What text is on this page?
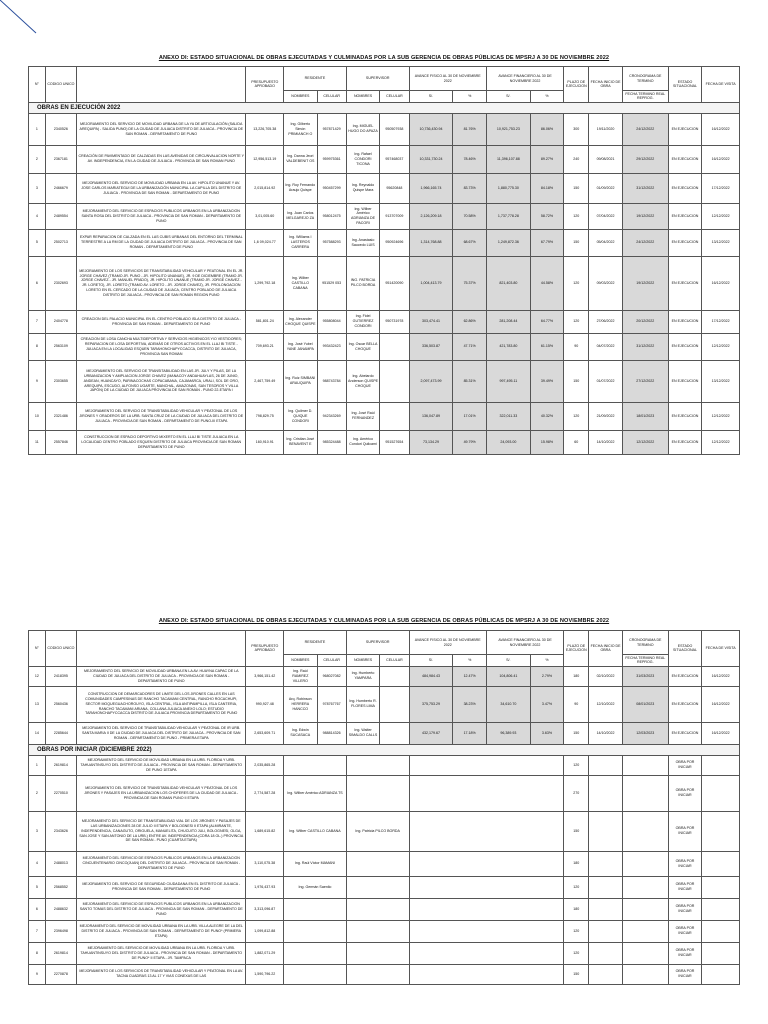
ANEXO DI: ESTADO SITUACIONAL DE OBRAS EJECUTADAS Y CULMINADAS POR LA SUB GERENCIA DE OBRAS PÚBLICAS DE MPSRJ A 30 DE NOVIEMBRE 2022
N°	CODIGO UNICO		PRESUPUESTO APROBADO	RESIDENTE		SUPERVISOR		AVANCE FISICO AL 30 DE NOVIEMBRE 2022		AVANCE FINANCIERO AL 30 DE NOVIEMBRE 2022		PLAZO DE EJECUCION	FECHA INICIO DE OBRA	CRONOGRAMA DE TERMINO	ESTADO SITUACIONAL	FECHA DE VISITA
				NOMBRES	CELULAR	NOMBRES	CELULAR	S/.	%	S/.	%			FECHA TERMINO REAL REPROG.		
OBRAS EN EJECUCIÓN 2022																
1	2340526	MEJORAMIENTO DEL SERVICIO DE MOVILIDAD URBANA DE LA YA DE ARTICULACIÓN (SALIDA AREQUIPA) - SALIDA PUNO) DE LA CIUDAD DE JULIACA DISTRITO DE JULIACA - PROVINCIA DE SAN ROMAN - DEPARTAMENTO DE PUNO	13,226,705.38	Ing. Gilberto Simón PRIMIANCH O	957871429	Ing. MIGUEL HUGO DO APAZA	950507938	10,736,430.94	81.76%	10,921,753.23	86.06%	300	19/11/2020	24/12/2022	EN EJECUCION	16/12/2022
2	2367181	CREACIÓN DE PAVIMENTADO DE CALZADAS EN LAS AVENIDAS DE CIRCUNVALACION NORTE Y AV. INDEPENDENCIA, EN LA CIUDAD DE JULIACA - PROVINCIA DE SAN ROMAN PUNO	12,956,513.19	Ing. Danna Jeori VALDEBENIT OS	959975361	Ing. Rafael CONDORI TICONA	957468037	10,331,730.24	78.46%	11,396,107.88	89.27%	240	09/08/2021	29/12/2022	EN EJECUCION	16/12/2022
3	2466679	MEJORAMIENTO DEL SERVICIO DE MOVILIDAD URBANA EN LA AV. HIPOLITO UNANUE Y AV. JOSE CARLOS MARIATEGUI DE LA URBANIZACIÓN MUNICIPAL LA CAPILLA DEL DISTRITO DE JULIACA - PROVINCIA DE SAN ROMAN - DEPARTAMENTO DE PUNO	2,015,814.92	Ing. Roy Fernando Araujo Quispe	950457299	Ing. Reynaldo Quispe Mara	95620848	1,966,165.74	83.73%	1,880,775.30	84.18%	150	01/09/2022	31/12/2022	EN EJECUCION	17/12/2022
4	2489554	MEJORAMIENTO DEL SERVICIO DE ESPACIOS PUBLICOS URBANOS EN LA URBANIZACION SANTA ROSA DEL DISTRITO DE JULIACA - PROVINCIA DE SAN ROMAN - DEPARTAMENTO DE PUNO	3,01,005.60	Ing. Juan Carlos MELGAREJO ZA	958012475	Ing. Wilber Américo ADRIANZA DE PACORI	913707009	2,126,209.18	70.58%	1,737,778.28	58.72%	120	07/04/2022	19/12/2022	EN EJECUCION	12/12/2022
5	2502713	EXPAR REPARACION DE CALZADA EN EL LAS CUBIS URBANAS DEL ENTORNO DEL TERMINAL TERRESTRE A LA RM DE LA CIUDAD DE JULIACA DISTRITO DE JULIACA - PROVINCIA DE SAN ROMAN - DEPARTAMENTO DE PUNO	1,6 09,024.77	Ing. Williams I LASTEROS CARRERA	957588293	Ing. Anastasio Saucedo LUIS	950924696	1,314,768.88	68.67%	1,249,872.36	67.79%	150	05/04/2022	24/12/2022	EN EJECUCION	13/12/2022
6	2302693	MEJORAMIENTO DE LOS SERVICIOS DE TRANSITABILIDAD VEHICULAR Y PEATONAL EN EL JR. JORGE CHAVEZ (TRAMO JR. PUNO - JR. HIPOLITO UNANUE), JR. 9 DE DICIEMBRE (TRAMO JR. JORGE CHAVEZ - JR. MANUEL PRADO), JR. HIPOLITO UNANUE (TRAMO JR. JORGE CHAVEZ - JR. LORETO), JR. LORETO (TRAMO AV. LORETO - JR. JORGE CHAVEZ), JR. PROLONGACION LORETO EN EL CERCADO DE LA CIUDAD DE JULIACA, CENTRO POBLADO DE JULIACA DISTRITO DE JULIACA - PROVINCIA DE SAN ROMAN REGION PUNO	1,299,792.18	Ing. Wilber CASTILLO CABANA	951529 053	ING. PATRICIA PILCO BORDA	951420090	1,004,413.79	75.37%	821,403.80	44.58%	120	09/03/2022	19/12/2022	EN EJECUCION	16/12/2022
7	2404778	CREACION DEL PALACIO MUNICIPAL EN EL CENTRO POBLADO ISLA DISTRITO DE JULIACA - PROVINCIA DE SAN ROMAN - DEPARTAMENTO DE PUNO	581,801.24	Ing. Alexander CHOQUE QUISPE	955808044	Ing. Fidel GUTIERREZ CONDORI	950731978	303,474.41	62.86%	281,208.44	64.77%	120	27/06/2022	20/12/2022	EN EJECUCION	17/12/2022
8	2563109	CREACION DE LOSA CANCHA MULTIDEPORTIVA Y SERVICIOS HIGIENICOS Y/O VESTIDORES; REPARACION DE LOSA DEPORTIVA, ADEMÁS DE OTROS ACTIVOS EN EL LLAJ BI TISTE - JULIACA EN LA LOCALIDAD ESQUEN TARAHONCHAPYCCACCA, DISTRITO DE JULIACA, PROVINCIA SAN ROMAN	709,693.21	Ing. José Yubel YANE JANAMPA	993432423	Ing. Oscar BELLA CHOQUE		336,503.87	47.71%	421,783.80	61.15%	90	04/07/2022	31/12/2022	EN EJECUCION	12/12/2022
9	2303655	MEJORAMIENTO DEL SERVICIO DE TRANSITABILIDAD EN LAS JR. JULY Y PILAS, DE LA URBANIZACION Y AMPLIACION JORGE CHAVEZ (MANACOY ANDAHUAYLAS, 26 DE JUNIO, ANDEAN, HUANCAYO, PARINACOCHAS COPACABANA, CAJAMARCA, URALI, SOL DE ORO, AREQUIPA, ESCUDO, ALFONSO UGARTE, MANCHAL, AMAZONAS, SAN TESOROS Y VILLA JAPÓN) DE LA CIUDAD DE JULIACA PROVINCIA DE SAN ROMAN - PUNO 22-ETAPA I	2,467,759.49	Ing. Ruiz SIMBANI ARAUQUIPA	988743784	Ing. Abelardo Anderson QUISPE CHOQUE		2,097,473.99	85.31%	997,495.11	39.49%	150	01/07/2022	27/12/2022	EN EJECUCION	13/12/2022
10	2321486	MEJORAMIENTO DEL SERVICIO DE TRANSITABILIDAD VEHICULAR Y PEATONAL DE LOS JIRONES Y ORADEROS DE LA URB. SANTA CRUZ DE LA CIUDAD DE JULIACA DEL DISTRITO DE JULIACA - PROVINCIA DE SAN ROMAN - DEPARTAMENTO DE PUNO-III ETAPA	798,829.75	Ing. Quilmer D. QUIQUE CONDORI	942343269	Ing. José Raúl FERNANDEZ		136,047.89	17.01%	322,011.33	40.32%	120	21/09/2022	18/01/2023	EN EJECUCION	12/12/2022
11	2557846	CONSTRUCCION DE ESPACIO DEPORTIVO MIXERTO EN EL LLAJ BI TISTE JULIACA EN LA LOCALIDAD CENTRO POBLADO ESQUEN DISTRITO DE JULIACA PROVINCIA DE SAN ROMAN DEPARTAMENTO DE PUNO	160,910.91	Ing. Cristian José BENAVENT E	985324488	Ing. Américo Condori Quilcami	951527654	73,134.29	49.79%	24,093.00	15.98%	60	14/10/2022	12/12/2022	EN EJECUCION	12/12/2022
ANEXO DI: ESTADO SITUACIONAL DE OBRAS EJECUTADAS Y CULMINADAS POR LA SUB GERENCIA DE OBRAS PÚBLICAS DE MPSRJ A 30 DE NOVIEMBRE 2022
N°	CODIGO UNICO		PRESUPUESTO APROBADO	RESIDENTE		SUPERVISOR		AVANCE FISICO AL 30 DE NOVIEMBRE 2022		AVANCE FINANCIERO AL 30 DE NOVIEMBRE 2022		PLAZO DE EJECUCION	FECHA INICIO DE OBRA	CRONOGRAMA DE TERMINO	ESTADO SITUACIONAL	FECHA DE VISITA
				NOMBRES	CELULAR	NOMBRES	CELULAR	S/.	%	S/.	%			FECHA TERMINO REAL REPROG.		
12	2418395	MEJORAMIENTO DEL SERVICIO DE MOVILIDAD URBANA EN LA AV. HUAYNA CAPAC DE LA CIUDAD DE JULIACA DEL DISTRITO DE JULIACA - PROVINCIA DE SAN ROMAN - DEPARTAMENTO DE PUNO	3,966,151.42	Ing. Raúl RAMIREZ VILLERO	968027082	Ing. Humberto YAMPARA		484,984.43	12.47%	104,806.41	2.79%	180	02/10/2022	31/03/2023	EN EJECUCION	16/12/2022
13	2560436	CONSTRUCCION DE DEMARCADORES DE LIMITE DEL LOS JIRONES CALLES EN LAS COMUNIDADES CAMPESINAS DE RANCHO TACAMANI CENTRAL, RANCHO ROCACHUPI, SECTOR MOQUEGUACHOROUYO, ISLA CENTRAL, ISLA ANTIPAMPILLA, ISLA CANTERIA, RANCHO TACAMANI ARIANA, COLLANA JULIACA ANEXO LOLO; ESTUDIO TARAHONCHAPYCCACCA DISTRITO DE JULIACA PROVINCIA DEPARTAMENTO DE PUNO	990,927.48	Arq. Robinson HERRERA HANCCO	978767767	Ing. Humberto R. FLORES LIMA		375,753.29	38.23%	34,610.70	3.47%	90	12/10/2022	08/01/2023	EN EJECUCION	16/12/2022
14	2285644	MEJORAMIENTO DEL SERVICIO DE TRANSITABILIDAD VEHICULAR Y PEATONAL DE IR URB. SANTA MARIA II DE LA CIUDAD DE JULIACA DEL DISTRITO DE JULIACA - PROVINCIA DE SAN ROMAN - DEPARTAMENTO DE PUNO - PRIMERA ETAPA	2,653,609.71	Ing. Edwin SUCASACA	988814326	Ing. Walter SIMALDO CALLS		432,179.67	17.18%	96,389.93	3.63%	150	14/10/2022	12/03/2023	EN EJECUCION	16/12/2022
OBRAS POR INICIAR (DICIEMBRE 2022)																
1	2619814	MEJORAMIENTO DEL SERVICIO DE MOVILIDAD URBANA EN LA URB. FLORIDA Y URB. TAHUANTINSUYO DEL DISTRITO DE JULIACA - PROVINCIA DE SAN ROMAN - DEPARTAMENTO DE PUNO 1ETAPA	2,035,865.28									120			OBRA POR INICIAR	
2	2270510	MEJORAMIENTO DEL SERVICIO DE TRANSITABILIDAD VEHICULAR Y PEATONAL DE LOS JIRONES Y PASAJES EN LA URBANIZACION LOS CHOFERES DE LA CIUDAD DE JULIACA - PROVINCIA DE SAN ROMAN PUNO II ETAPA	2,774,587.28	Ing. Wilber Américo ADRIANZA TS								270			OBRA POR INICIAR	
3	2343626	MEJORAMIENTO DEL SERVICIO DE TRANSITABILIDAD VIAL DE LOS JIRONES Y PASAJES DE LAS URBANIZACIONES 28 DE JULIO II ETAPA Y BOLOGNESI II ETAPA (ALMIRANTE, INDEPENDENCIA, CANAGUTO, ORIGUELA, MANUELITA, CHUCUITO JULI, BOLOGNESI, OLGA, SAN JOSE Y SAN ANTONIO DE LA URB.) ENTRE AV. INDEPENDENCIA (CDRA 18 OL.) PROVINCIA DE SAN ROMAN - PUNO (CUARTA ETAPA)	1,689,615.82	Ing. Wilber CASTILLO CABANA		Ing. Patricia PILCO BORDA						150			OBRA POR INICIAR	
4	2488013	MEJORAMIENTO DEL SERVICIO DE ESPACIOS PUBLICOS URBANOS EN LA URBANIZACION CINCUENTENARIO CINCO(JUAN) DEL DISTRITO DE JULIACA - PROVINCIA DE SAN ROMAN - DEPARTAMENTO DE PUNO	3,110,075.38	Ing. Raúl Víctor MAMANI								180			OBRA POR INICIAR	
5	2568552	MEJORAMIENTO DEL SERVICIO DE SEGURIDAD CIUDADANA EN EL DISTRITO DE JULIACA - PROVINCIA DE SAN ROMAN - DEPARTAMENTO DE PUNO	1,976,437.93	Ing. Germán Saenlio								120			OBRA POR INICIAR	
6	2488632	MEJORAMIENTO DEL SERVICIO DE ESPACIOS PUBLICOS URBANOS EN LA URBANIZACION SANTO TOMAS DEL DISTRITO DE JULIACA - PROVINCIA DE SAN ROMAN - DEPARTAMENTO DE PUNO	3,313,096.87									180			OBRA POR INICIAR	
7	2396498	MEJORAMIENTO DEL SERVICIO DE MOVILIDAD URBANA EN LA URB. VILLA ALEGRE DE LA DEL DISTRITO DE JULIACA - PROVINCIA DE SAN ROMAN - DEPARTAMENTO DE PUNO* (PRIMERA ETAPA)	1,099,812.88									120			OBRA POR INICIAR	
8	2619814	MEJORAMIENTO DEL SERVICIO DE MOVILIDAD URBANA EN LA URB. FLORIDA Y URB. TAHUANTINSUYO DEL DISTRITO DE JULIACA - PROVINCIA DE SAN ROMAN - DEPARTAMENTO DE PUNO* II ETAPA - JR. TAMPACA	1,882,071.29									120			OBRA POR INICIAR	
9	2270878	MEJORAMIENTO DE LOS SERVICIOS DE TRANSITABILIDAD VEHICULAR Y PEATONAL EN LA AV. TACNA CUADRAS 13 AL 17 Y VIAS CONEXAS DE LAS	1,590,796.22									150			OBRA POR INICIAR	
